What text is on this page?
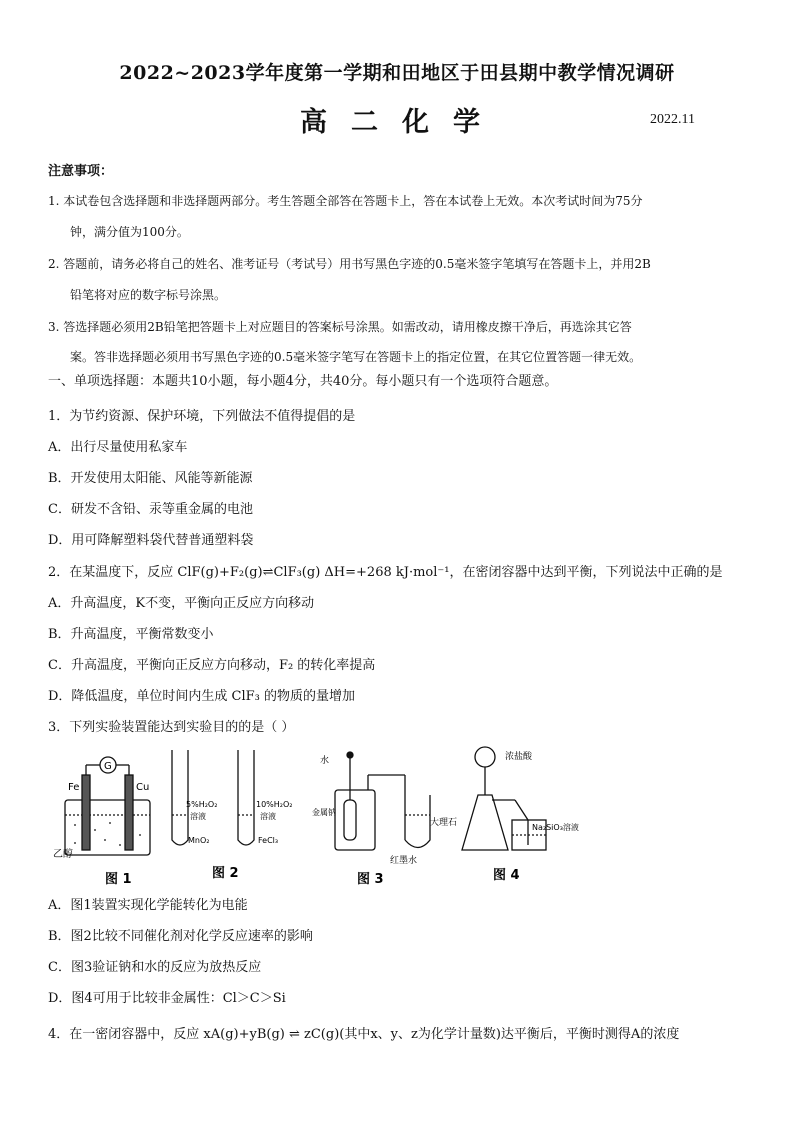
2022~2023学年度第一学期和田地区于田县期中教学情况调研
高二化学	2022.11
注意事项：
1. 本试卷包含选择题和非选择题两部分。考生答题全部答在答题卡上，答在本试卷上无效。本次考试时间为75分
钟，满分值为100分。
2. 答题前，请务必将自己的姓名、准考证号（考试号）用书写黑色字迹的0.5毫米签字笔填写在答题卡上，并用2B
铅笔将对应的数字标号涂黑。
3. 答选择题必须用2B铅笔把答题卡上对应题目的答案标号涂黑。如需改动，请用橡皮擦干净后，再选涂其它答
案。答非选择题必须用书写黑色字迹的0.5毫米签字笔写在答题卡上的指定位置，在其它位置答题一律无效。
一、单项选择题：本题共10小题，每小题4分，共40分。每小题只有一个选项符合题意。
1．为节约资源、保护环境，下列做法不值得提倡的是
A．出行尽量使用私家车
B．开发使用太阳能、风能等新能源
C．研发不含铅、汞等重金属的电池
D．用可降解塑料袋代替普通塑料袋
2．在某温度下，反应 ClF(g)+F₂(g)⇌ClF₃(g) ΔH=+268 kJ·mol⁻¹，在密闭容器中达到平衡，下列说法中正确的是
A．升高温度，K不变，平衡向正反应方向移动
B．升高温度，平衡常数变小
C．升高温度，平衡向正反应方向移动，F₂ 的转化率提高
D．降低温度，单位时间内生成 ClF₃ 的物质的量增加
3．下列实验装置能达到实验目的的是（ ）
G
Fe	Cu
乙醇
5%H₂O₂
溶液
MnO₂
10%H₂O₂
溶液
FeCl₃
水
金属钠
红墨水
浓盐酸
大理石	Na₂SiO₃溶液
图 1	图 2	图 3	图 4
A．图1装置实现化学能转化为电能
B．图2比较不同催化剂对化学反应速率的影响
C．图3验证钠和水的反应为放热反应
D．图4可用于比较非金属性：Cl＞C＞Si
4．在一密闭容器中，反应 xA(g)+yB(g) ⇌ zC(g)(其中x、y、z为化学计量数)达平衡后，平衡时测得A的浓度
